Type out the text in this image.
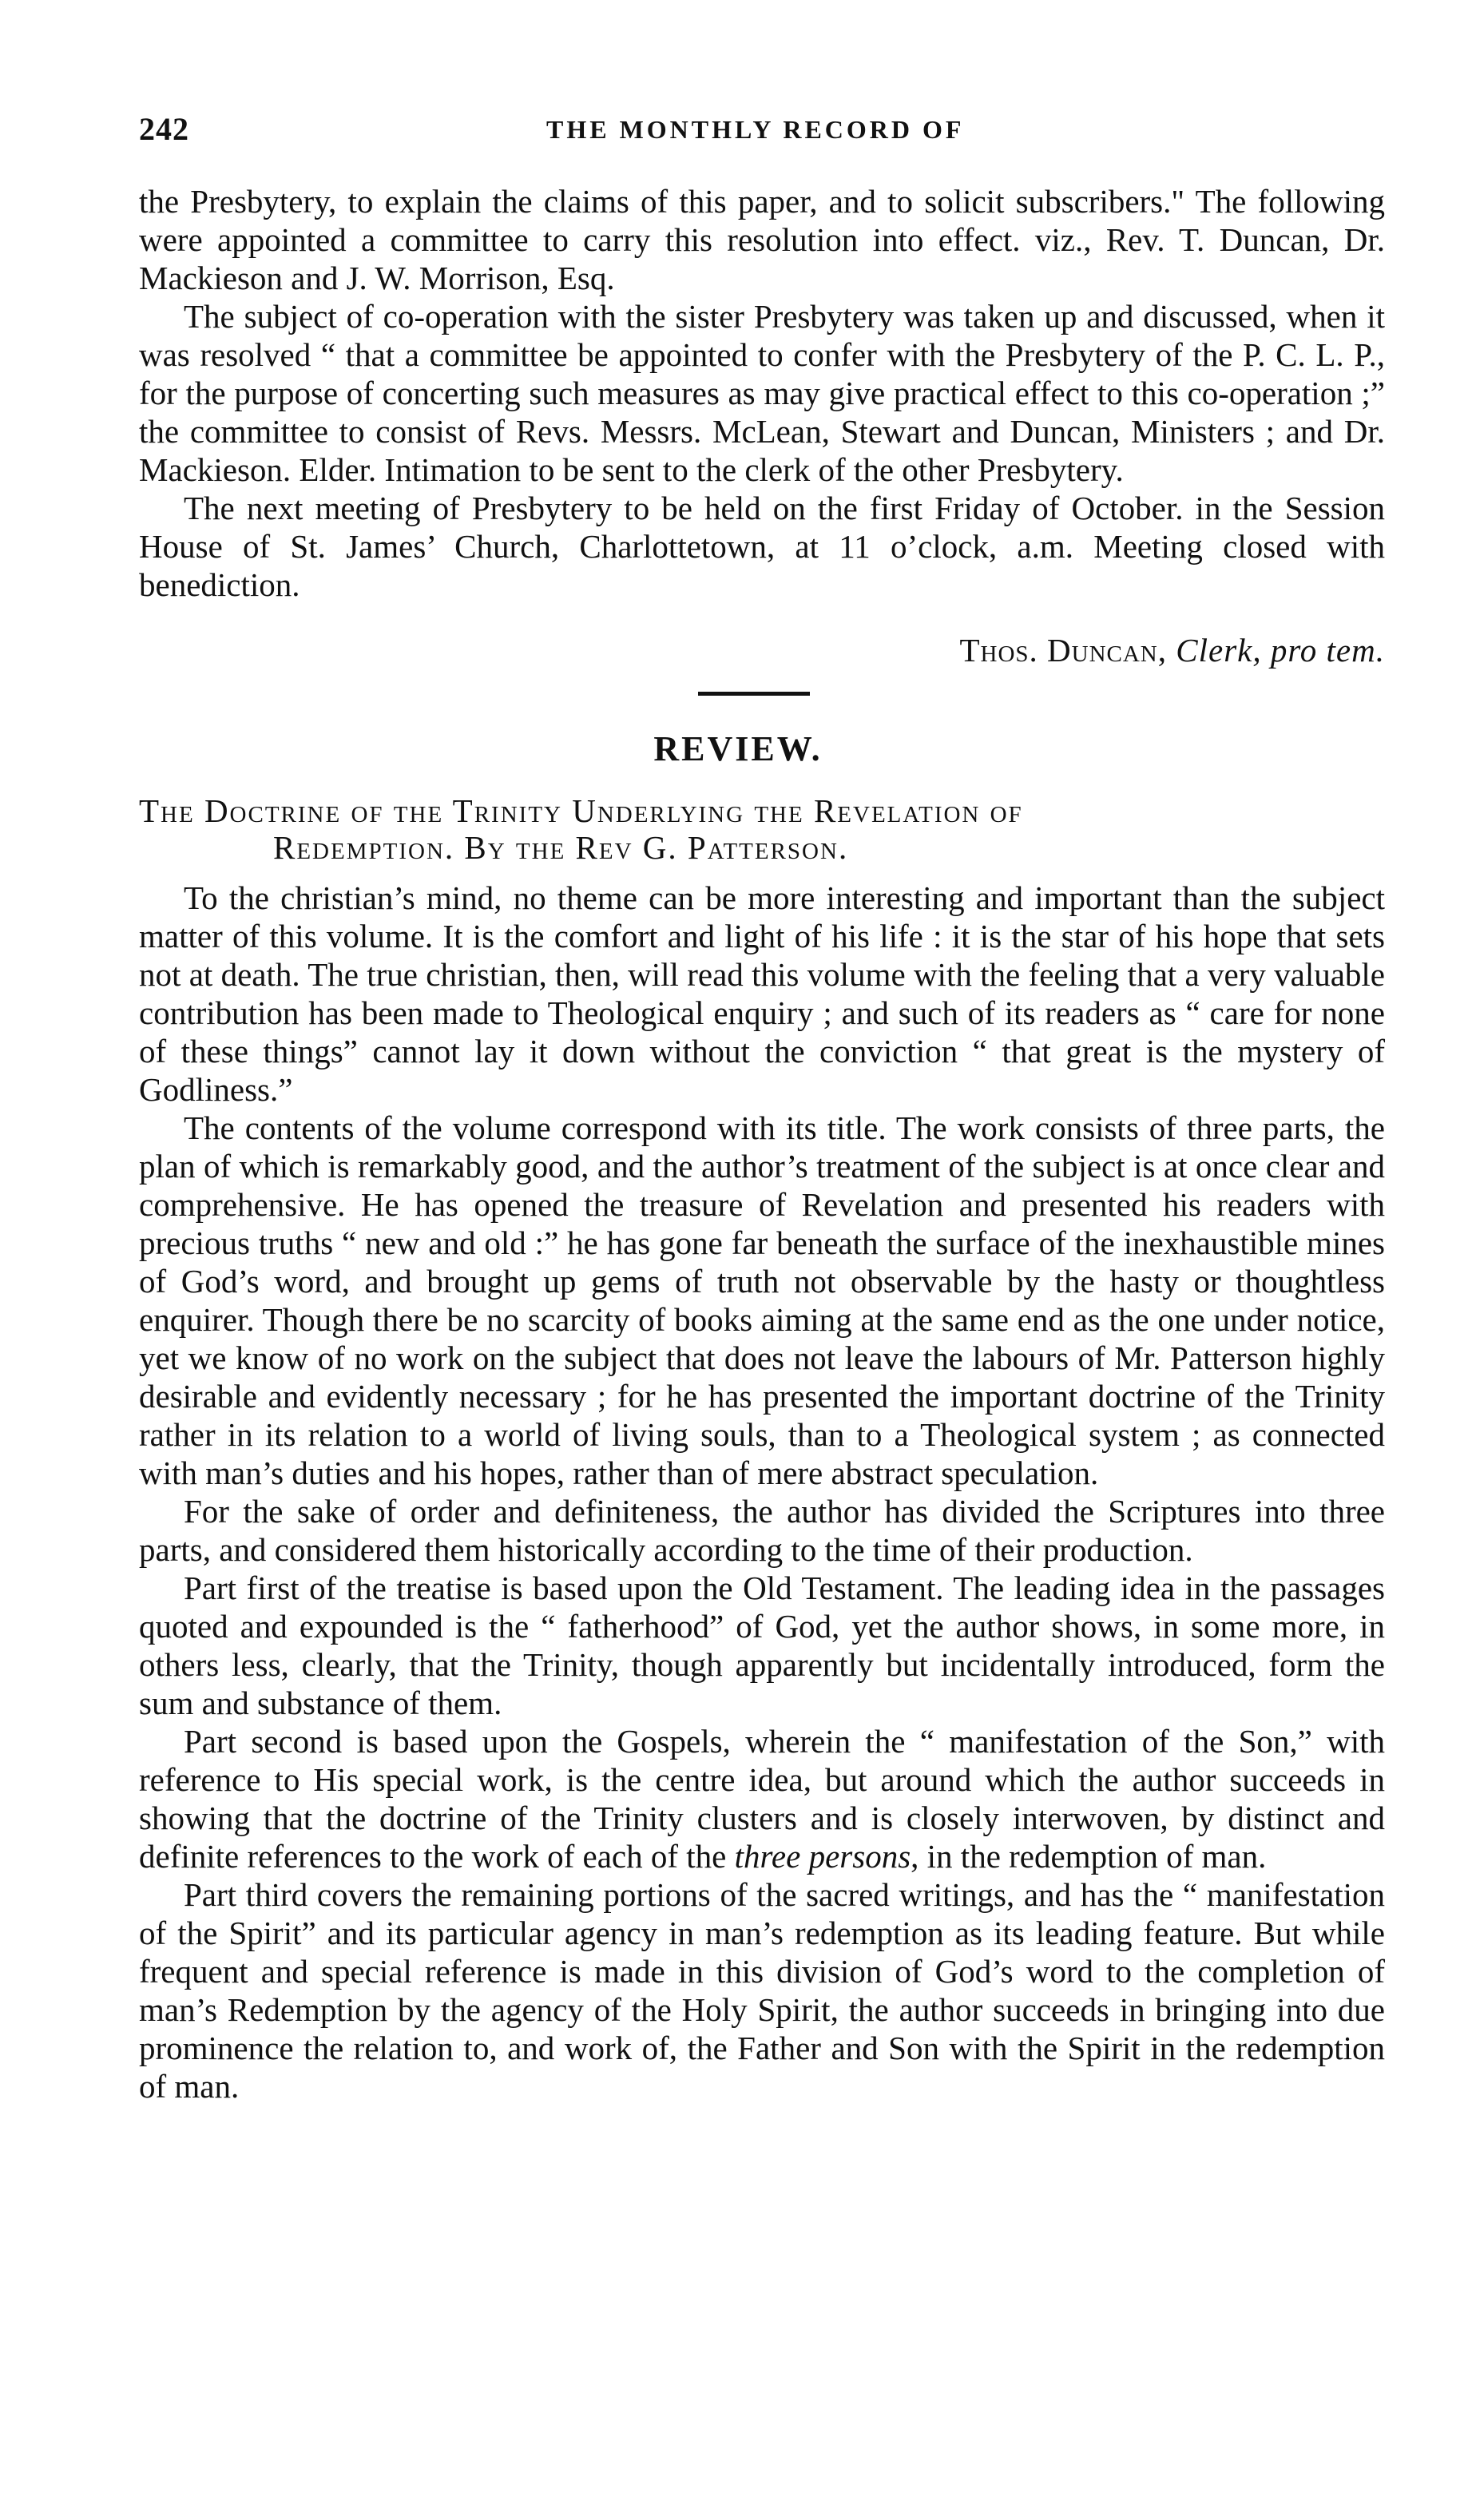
242	THE MONTHLY RECORD OF

the Presbytery, to explain the claims of this paper, and to solicit subscribers." The following were appointed a committee to carry this resolution into effect. viz., Rev. T. Duncan, Dr. Mackieson and J. W. Morrison, Esq.

The subject of co-operation with the sister Presbytery was taken up and discussed, when it was resolved “ that a committee be appointed to confer with the Presbytery of the P. C. L. P., for the purpose of concerting such measures as may give practical effect to this co-operation ;” the committee to consist of Revs. Messrs. McLean, Stewart and Duncan, Ministers ; and Dr. Mackieson. Elder. Intimation to be sent to the clerk of the other Presbytery.

The next meeting of Presbytery to be held on the first Friday of October. in the Session House of St. James’ Church, Charlottetown, at 11 o’clock, a.m. Meeting closed with benediction.

Thos. Duncan, Clerk, pro tem.
REVIEW.
The Doctrine of the Trinity Underlying the Revelation of
Redemption. By the Rev G. Patterson.

To the christian’s mind, no theme can be more interesting and important than the subject matter of this volume. It is the comfort and light of his life : it is the star of his hope that sets not at death. The true christian, then, will read this volume with the feeling that a very valuable contribution has been made to Theological enquiry ; and such of its readers as “ care for none of these things” cannot lay it down without the conviction “ that great is the mystery of Godliness.”

The contents of the volume correspond with its title. The work consists of three parts, the plan of which is remarkably good, and the author’s treatment of the subject is at once clear and comprehensive. He has opened the treasure of Revelation and presented his readers with precious truths “ new and old :” he has gone far beneath the surface of the inexhaustible mines of God’s word, and brought up gems of truth not observable by the hasty or thoughtless enquirer. Though there be no scarcity of books aiming at the same end as the one under notice, yet we know of no work on the subject that does not leave the labours of Mr. Patterson highly desirable and evidently necessary ; for he has presented the important doctrine of the Trinity rather in its relation to a world of living souls, than to a Theological system ; as connected with man’s duties and his hopes, rather than of mere abstract speculation.

For the sake of order and definiteness, the author has divided the Scriptures into three parts, and considered them historically according to the time of their production.

Part first of the treatise is based upon the Old Testament. The leading idea in the passages quoted and expounded is the “ fatherhood” of God, yet the author shows, in some more, in others less, clearly, that the Trinity, though apparently but incidentally introduced, form the sum and substance of them.

Part second is based upon the Gospels, wherein the “ manifestation of the Son,” with reference to His special work, is the centre idea, but around which the author succeeds in showing that the doctrine of the Trinity clusters and is closely interwoven, by distinct and definite references to the work of each of the three persons, in the redemption of man.

Part third covers the remaining portions of the sacred writings, and has the “ manifestation of the Spirit” and its particular agency in man’s redemption as its leading feature. But while frequent and special reference is made in this division of God’s word to the completion of man’s Redemption by the agency of the Holy Spirit, the author succeeds in bringing into due prominence the relation to, and work of, the Father and Son with the Spirit in the redemption of man.
